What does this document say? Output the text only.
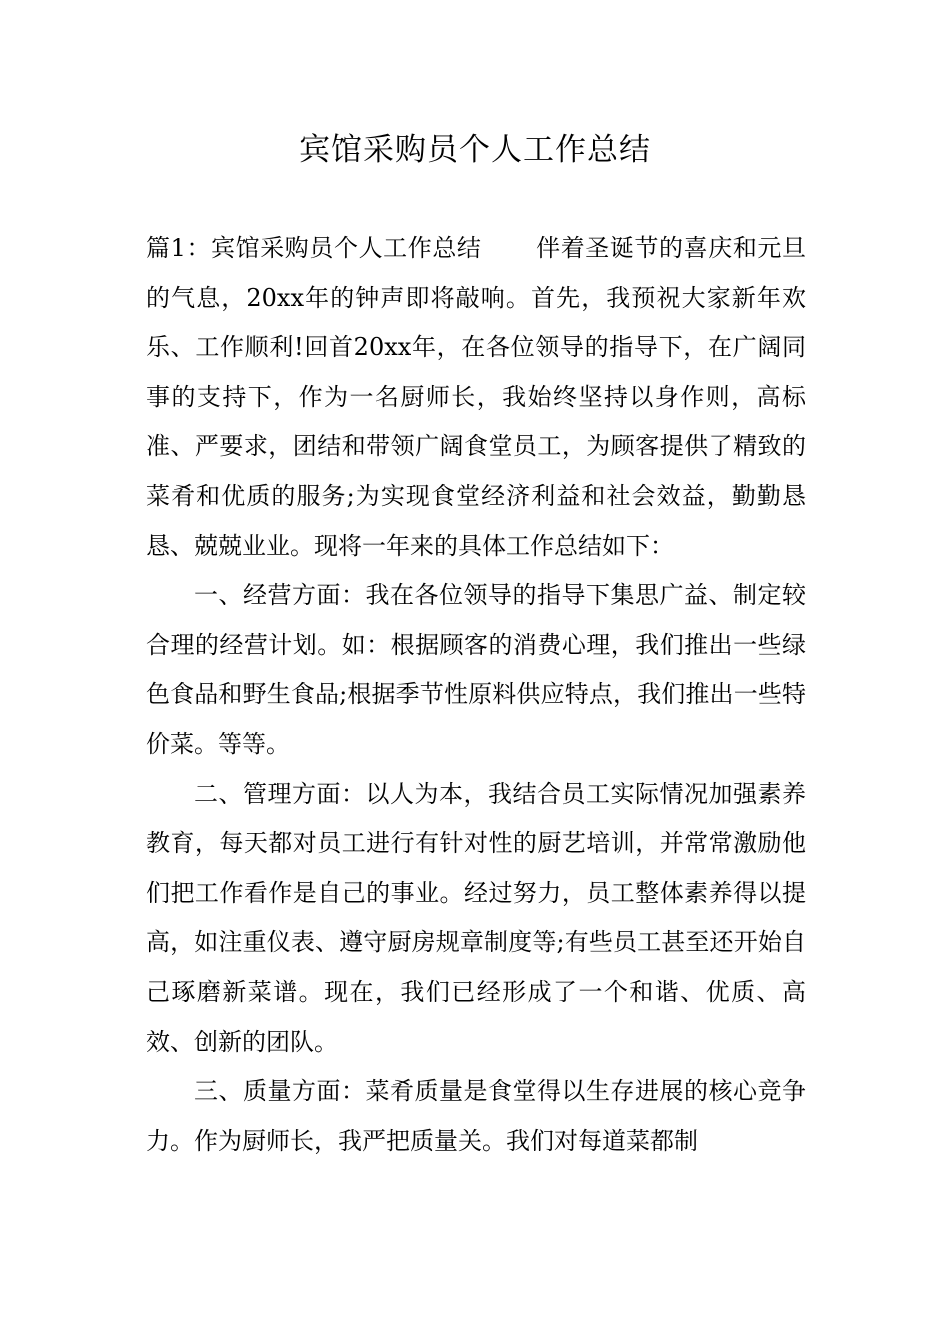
宾馆采购员个人工作总结

篇1：宾馆采购员个人工作总结 伴着圣诞节的喜庆和元旦的气息，20xx年的钟声即将敲响。首先，我预祝大家新年欢乐、工作顺利!回首20xx年，在各位领导的指导下，在广阔同事的支持下，作为一名厨师长，我始终坚持以身作则，高标准、严要求，团结和带领广阔食堂员工，为顾客提供了精致的菜肴和优质的服务;为实现食堂经济利益和社会效益，勤勤恳恳、兢兢业业。现将一年来的具体工作总结如下：

一、经营方面：我在各位领导的指导下集思广益、制定较合理的经营计划。如：根据顾客的消费心理，我们推出一些绿色食品和野生食品;根据季节性原料供应特点，我们推出一些特价菜。等等。

二、管理方面：以人为本，我结合员工实际情况加强素养教育，每天都对员工进行有针对性的厨艺培训，并常常激励他们把工作看作是自己的事业。经过努力，员工整体素养得以提高，如注重仪表、遵守厨房规章制度等;有些员工甚至还开始自己琢磨新菜谱。现在，我们已经形成了一个和谐、优质、高效、创新的团队。

三、质量方面：菜肴质量是食堂得以生存进展的核心竞争力。作为厨师长，我严把质量关。我们对每道菜都制
